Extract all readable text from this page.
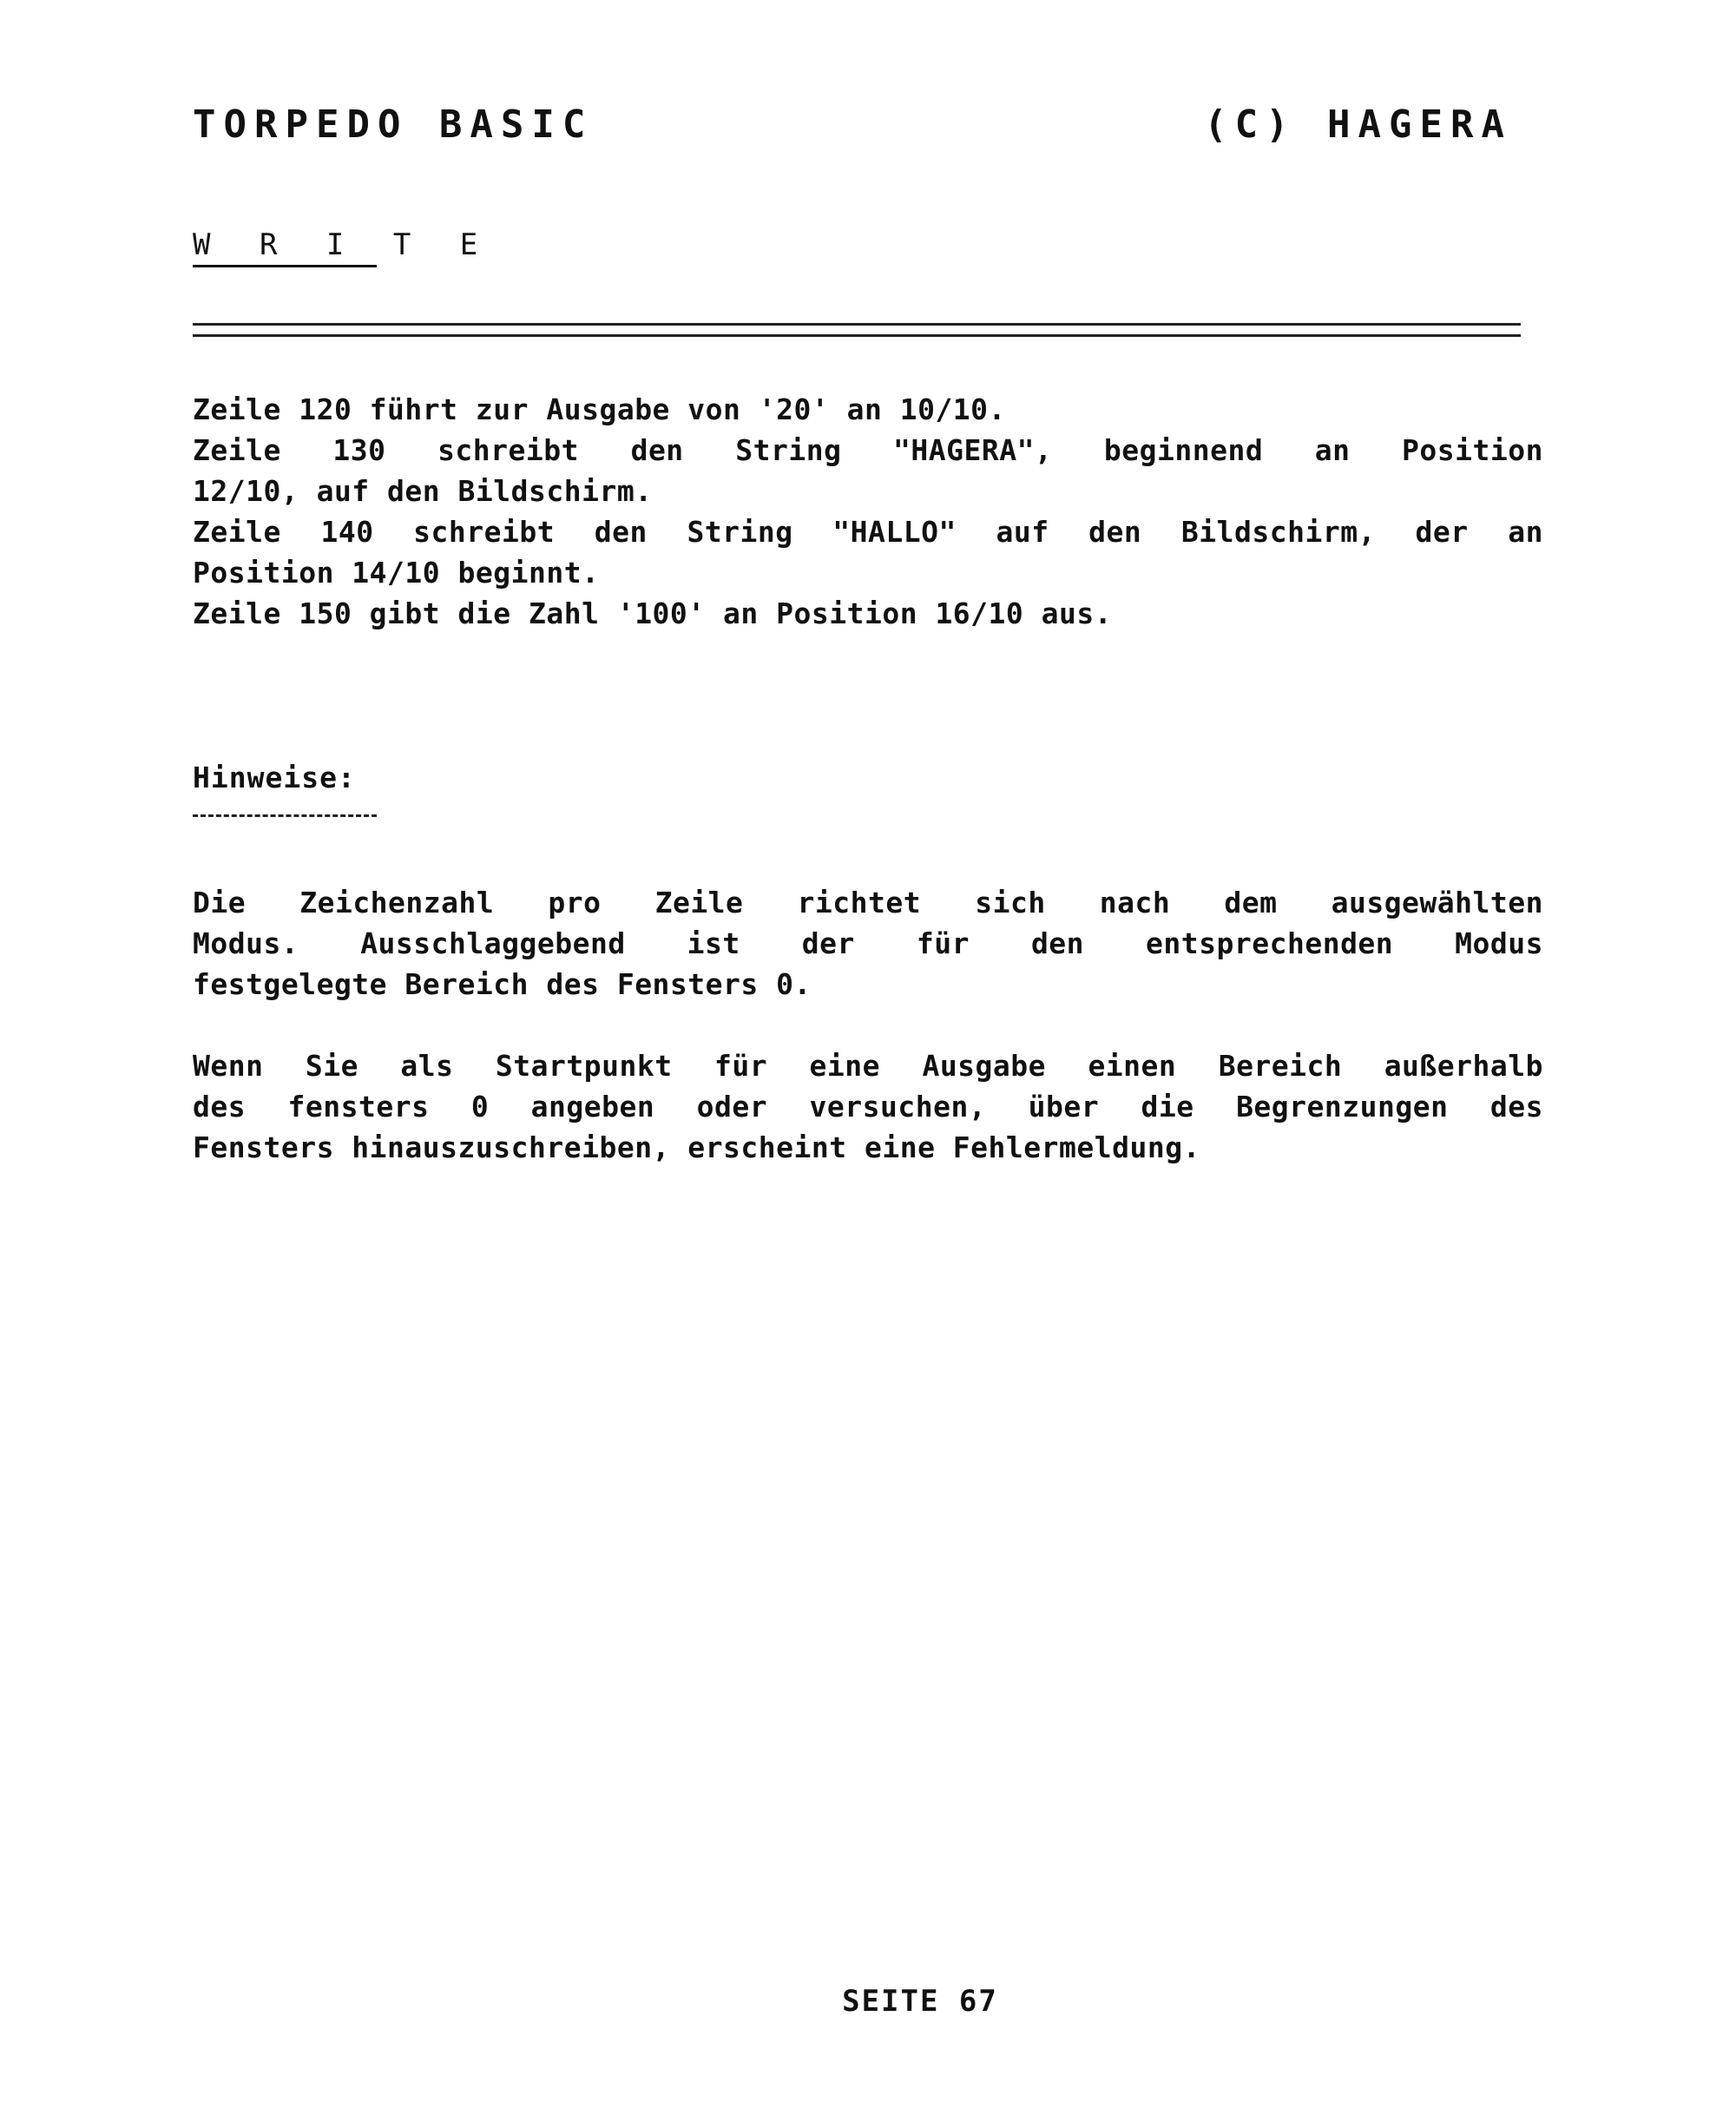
TORPEDO BASIC	(C) HAGERA
W R I T E

Zeile 120 führt zur Ausgabe von '20' an 10/10.

Zeile 130 schreibt den String "HAGERA", beginnend an Position

12/10, auf den Bildschirm.

Zeile 140 schreibt den String "HALLO" auf den Bildschirm, der an

Position 14/10 beginnt.

Zeile 150 gibt die Zahl '100' an Position 16/10 aus.

Hinweise:

Die Zeichenzahl pro Zeile richtet sich nach dem ausgewählten

Modus. Ausschlaggebend ist der für den entsprechenden Modus

festgelegte Bereich des Fensters 0.

Wenn Sie als Startpunkt für eine Ausgabe einen Bereich außerhalb

des fensters 0 angeben oder versuchen, über die Begrenzungen des

Fensters hinauszuschreiben, erscheint eine Fehlermeldung.

SEITE 67
